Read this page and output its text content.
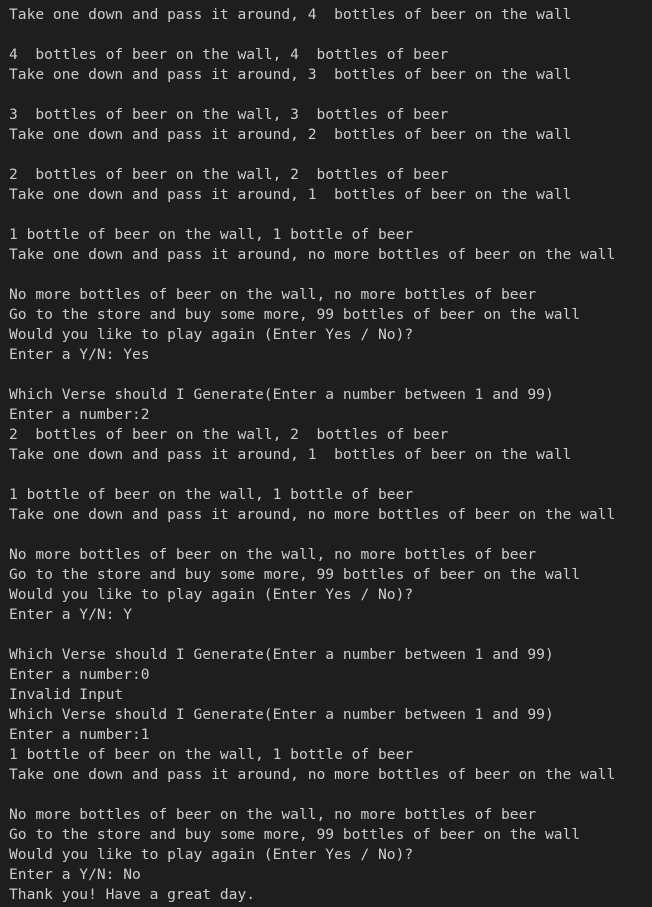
Take one down and pass it around, 4  bottles of beer on the wall
4  bottles of beer on the wall, 4  bottles of beer
Take one down and pass it around, 3  bottles of beer on the wall
3  bottles of beer on the wall, 3  bottles of beer
Take one down and pass it around, 2  bottles of beer on the wall
2  bottles of beer on the wall, 2  bottles of beer
Take one down and pass it around, 1  bottles of beer on the wall
1 bottle of beer on the wall, 1 bottle of beer
Take one down and pass it around, no more bottles of beer on the wall
No more bottles of beer on the wall, no more bottles of beer
Go to the store and buy some more, 99 bottles of beer on the wall
Would you like to play again (Enter Yes / No)?
Enter a Y/N: Yes
Which Verse should I Generate(Enter a number between 1 and 99)
Enter a number:2
2  bottles of beer on the wall, 2  bottles of beer
Take one down and pass it around, 1  bottles of beer on the wall
1 bottle of beer on the wall, 1 bottle of beer
Take one down and pass it around, no more bottles of beer on the wall
No more bottles of beer on the wall, no more bottles of beer
Go to the store and buy some more, 99 bottles of beer on the wall
Would you like to play again (Enter Yes / No)?
Enter a Y/N: Y
Which Verse should I Generate(Enter a number between 1 and 99)
Enter a number:0
Invalid Input
Which Verse should I Generate(Enter a number between 1 and 99)
Enter a number:1
1 bottle of beer on the wall, 1 bottle of beer
Take one down and pass it around, no more bottles of beer on the wall
No more bottles of beer on the wall, no more bottles of beer
Go to the store and buy some more, 99 bottles of beer on the wall
Would you like to play again (Enter Yes / No)?
Enter a Y/N: No
Thank you! Have a great day.
